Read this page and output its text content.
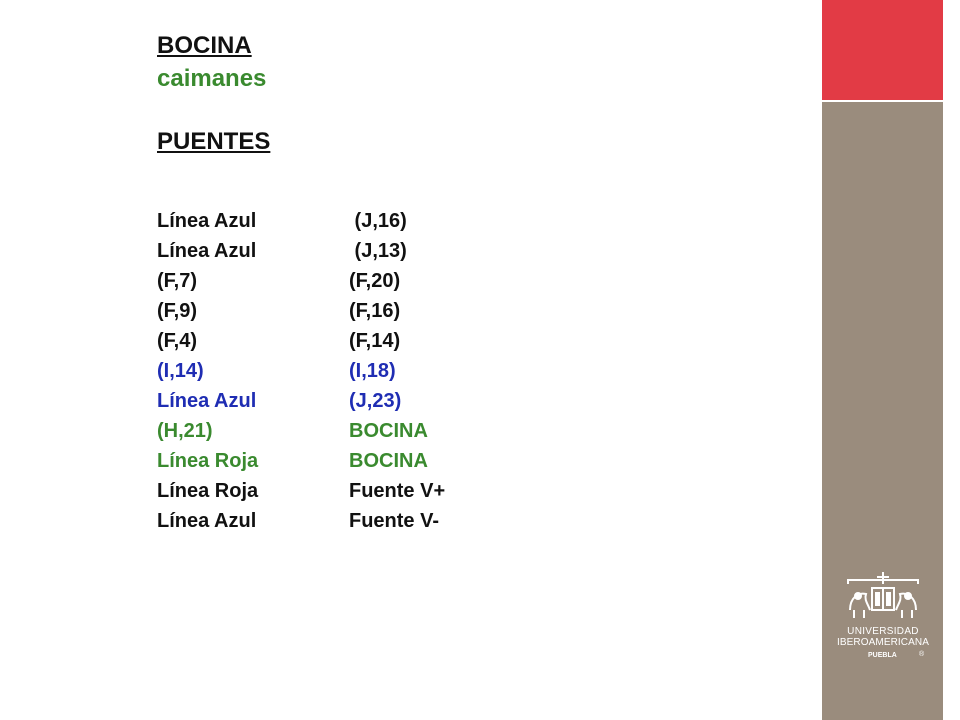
UNIVERSIDAD
IBEROAMERICANA
PUEBLA	®
BOCINA
caimanes
PUENTES
Línea Azul	(J,16)
Línea Azul	(J,13)
(F,7)	(F,20)
(F,9)	(F,16)
(F,4)	(F,14)
(I,14)	(I,18)
Línea Azul	(J,23)
(H,21)	BOCINA
Línea Roja	BOCINA
Línea Roja	Fuente V+
Línea Azul	Fuente V-
